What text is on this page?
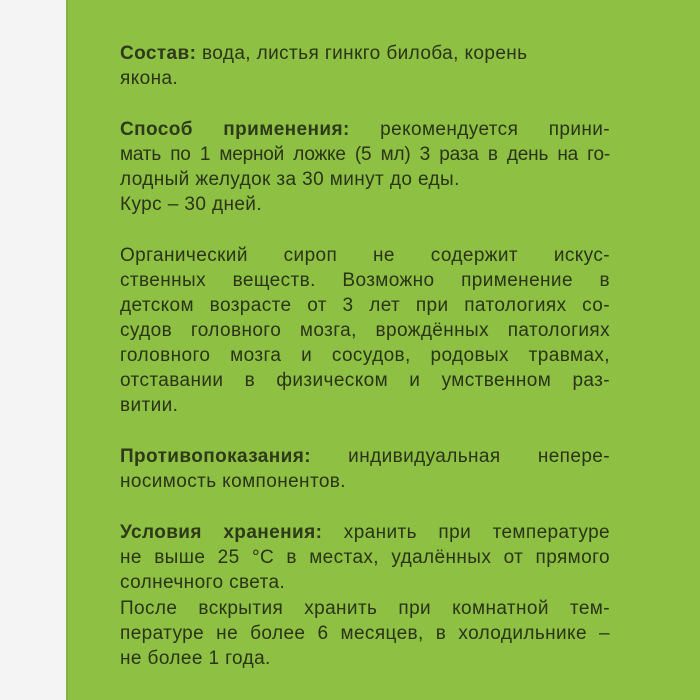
Состав: вода, листья гинкго билоба, корень
якона.
Способ применения: рекомендуется прини-
мать по 1 мерной ложке (5 мл) 3 раза в день на го-
лодный желудок за 30 минут до еды.
Курс – 30 дней.
Органический сироп не содержит искус-
ственных веществ. Возможно применение в
детском возрасте от 3 лет при патологиях со-
судов головного мозга, врождённых патологиях
головного мозга и сосудов, родовых травмах,
отставании в физическом и умственном раз-
витии.
Противопоказания: индивидуальная непере-
носимость компонентов.
Условия хранения: хранить при температуре
не выше 25 °С в местах, удалённых от прямого
солнечного света.
После вскрытия хранить при комнатной тем-
пературе не более 6 месяцев, в холодильнике –
не более 1 года.
